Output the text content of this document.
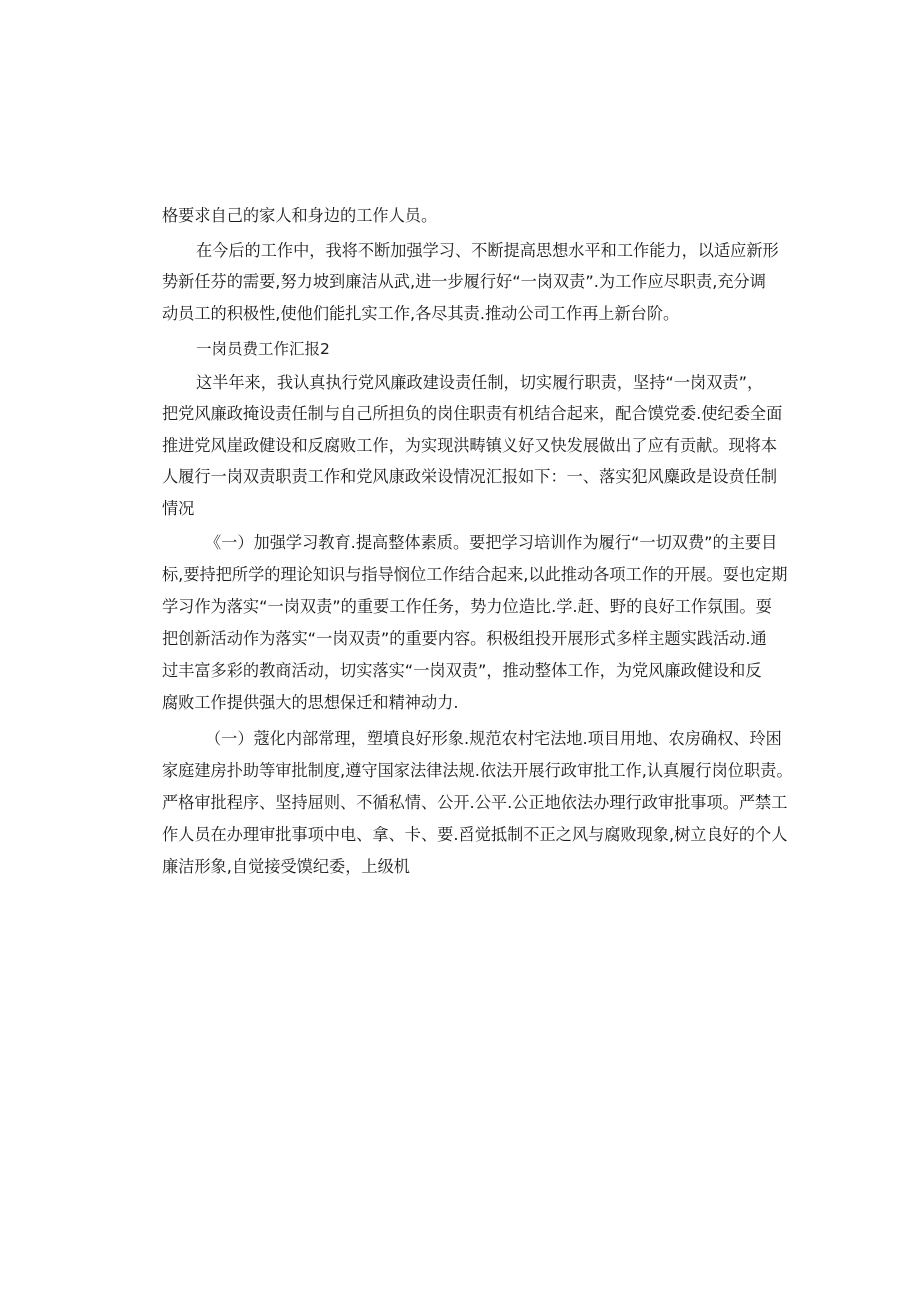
格要求自己的家人和身边的工作人员。
在今后的工作中，我将不断加强学习、不断提高思想水平和工作能力，以适应新形
势新任芬的需要,努力坡到廉洁从武,进一步履行好“一岗双责”.为工作应尽职责,充分调
动员工的积极性,使他们能扎实工作,各尽其责.推动公司工作再上新台阶。
一岗员费工作汇报2
这半年来，我认真执行党风廉政建设责任制，切实履行职责，坚持“一岗双责”，
把党风廉政掩设责任制与自己所担负的岗住职责有机结合起来，配合馍党委.使纪委全面
推进党风崖政健设和反腐败工作，为实现洪畴镇义好又快发展做出了应有贡献。现将本
人履行一岗双责职责工作和党风康政栄设情况汇报如下：一、落实犯风麋政是设贲任制
情况
《一）加强学习教育.提高整体素质。要把学习培训作为履行“一切双费”的主要目
标,要持把所学的理论知识与指导悯位工作结合起来,以此推动各项工作的开展。耍也定期
学习作为落实“一岗双责”的重要工作任务，势力位造比.学.赶、野的良好工作氛围。耍
把创新活动作为落实“一岗双责”的重要内容。积极组投开展形式多样主题实践活动.通
过丰富多彩的教商活动，切实落实“一岗双责”，推动整体工作，为党风廉政健设和反
腐败工作提供强大的思想保迁和精神动力.
（一）蔻化内部常理，塑墳良好形象.规范农村宅法地.项目用地、农房确权、玲困
家庭建房扑助等审批制度,遵守国家法律法规.依法开展行政审批工作,认真履行岗位职责。
严格审批程序、坚持屈则、不循私情、公开.公平.公正地依法办理行政审批事项。严禁工
作人员在办理审批事项中电、拿、卡、要.舀觉抵制不正之风与腐败现象,树立良好的个人
廉洁形象,自觉接受馍纪委，上级机
